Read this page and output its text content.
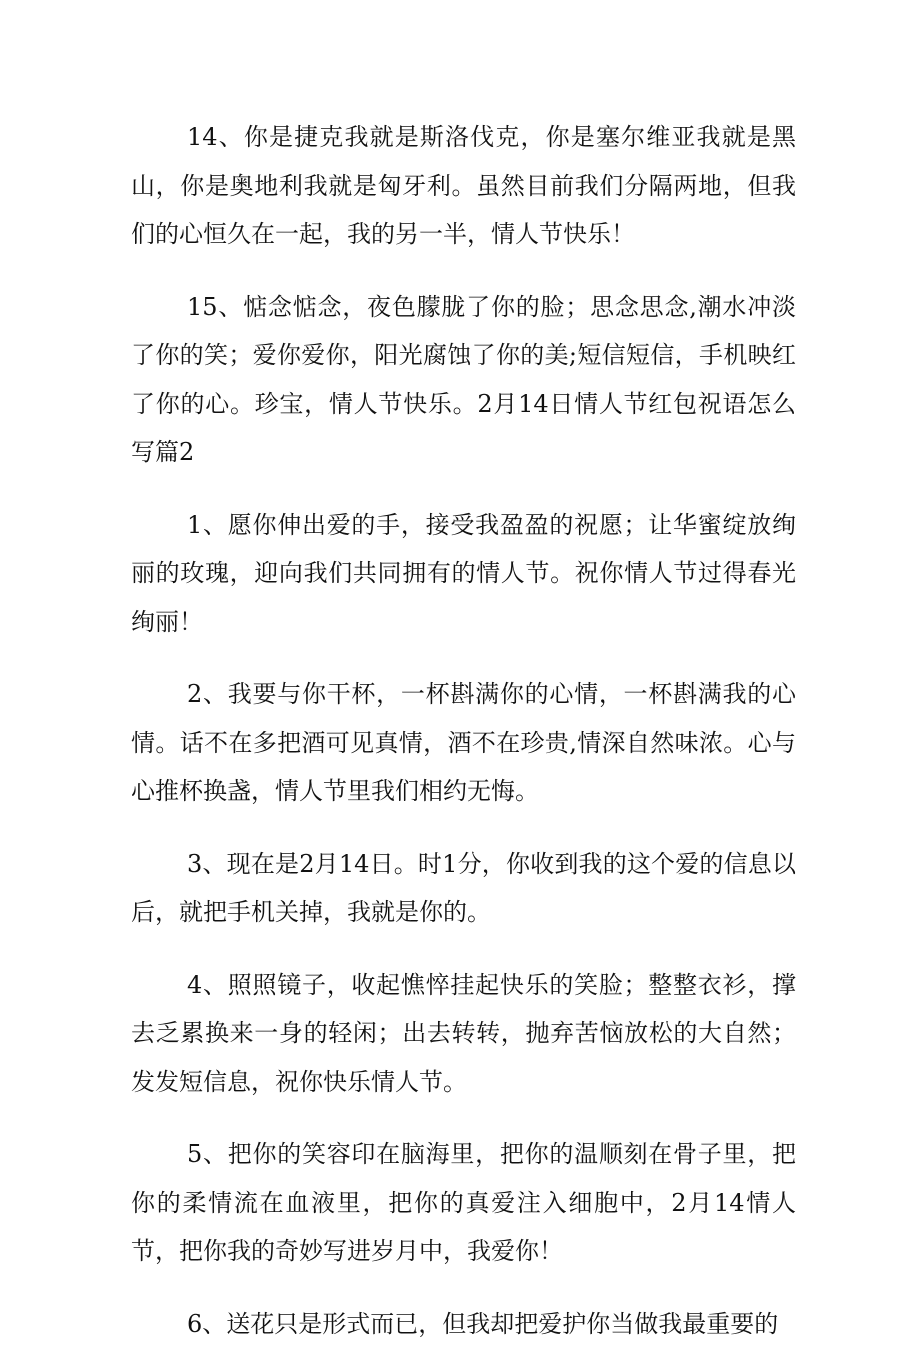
14、你是捷克我就是斯洛伐克，你是塞尔维亚我就是黑山，你是奥地利我就是匈牙利。虽然目前我们分隔两地，但我们的心恒久在一起，我的另一半，情人节快乐！

15、惦念惦念，夜色朦胧了你的脸；思念思念,潮水冲淡了你的笑；爱你爱你，阳光腐蚀了你的美;短信短信，手机映红了你的心。珍宝，情人节快乐。2月14日情人节红包祝语怎么写篇2

1、愿你伸出爱的手，接受我盈盈的祝愿；让华蜜绽放绚丽的玫瑰，迎向我们共同拥有的情人节。祝你情人节过得春光绚丽！

2、我要与你干杯，一杯斟满你的心情，一杯斟满我的心情。话不在多把酒可见真情，酒不在珍贵,情深自然味浓。心与心推杯换盏，情人节里我们相约无悔。

3、现在是2月14日。时1分，你收到我的这个爱的信息以后，就把手机关掉，我就是你的。

4、照照镜子，收起憔悴挂起快乐的笑脸；整整衣衫，撑去乏累换来一身的轻闲；出去转转，抛弃苦恼放松的大自然；发发短信息，祝你快乐情人节。

5、把你的笑容印在脑海里，把你的温顺刻在骨子里，把你的柔情流在血液里，把你的真爱注入细胞中，2月14情人节，把你我的奇妙写进岁月中，我爱你！

6、送花只是形式而已，但我却把爱护你当做我最重要的
